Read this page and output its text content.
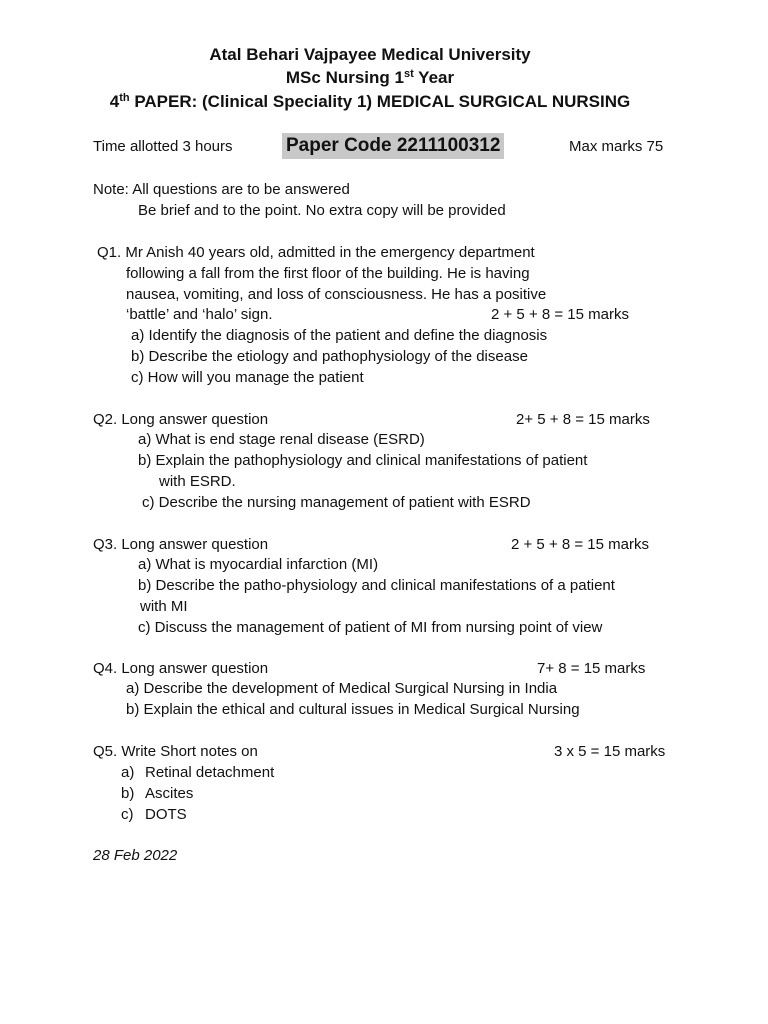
Atal Behari Vajpayee Medical University
MSc Nursing 1st Year
4th PAPER: (Clinical Speciality 1) MEDICAL SURGICAL NURSING
Time allotted 3 hours	Paper Code 2211100312	Max marks 75
Note: All questions are to be answered
Be brief and to the point. No extra copy will be provided
Q1. Mr Anish 40 years old, admitted in the emergency department
following a fall from the first floor of the building. He is having
nausea, vomiting, and loss of consciousness. He has a positive
‘battle’ and ‘halo’ sign.	2 + 5 + 8 = 15 marks
a) Identify the diagnosis of the patient and define the diagnosis
b) Describe the etiology and pathophysiology of the disease
c) How will you manage the patient
Q2. Long answer question	2+ 5 + 8 = 15 marks
a) What is end stage renal disease (ESRD)
b) Explain the pathophysiology and clinical manifestations of patient
with ESRD.
c) Describe the nursing management of patient with ESRD
Q3. Long answer question	2 + 5 + 8 = 15 marks
a) What is myocardial infarction (MI)
b) Describe the patho-physiology and clinical manifestations of a patient
with MI
c) Discuss the management of patient of MI from nursing point of view
Q4. Long answer question	7+ 8 = 15 marks
a) Describe the development of Medical Surgical Nursing in India
b) Explain the ethical and cultural issues in Medical Surgical Nursing
Q5. Write Short notes on	3 x 5 = 15 marks
a) Retinal detachment
b) Ascites
c) DOTS
28 Feb 2022
